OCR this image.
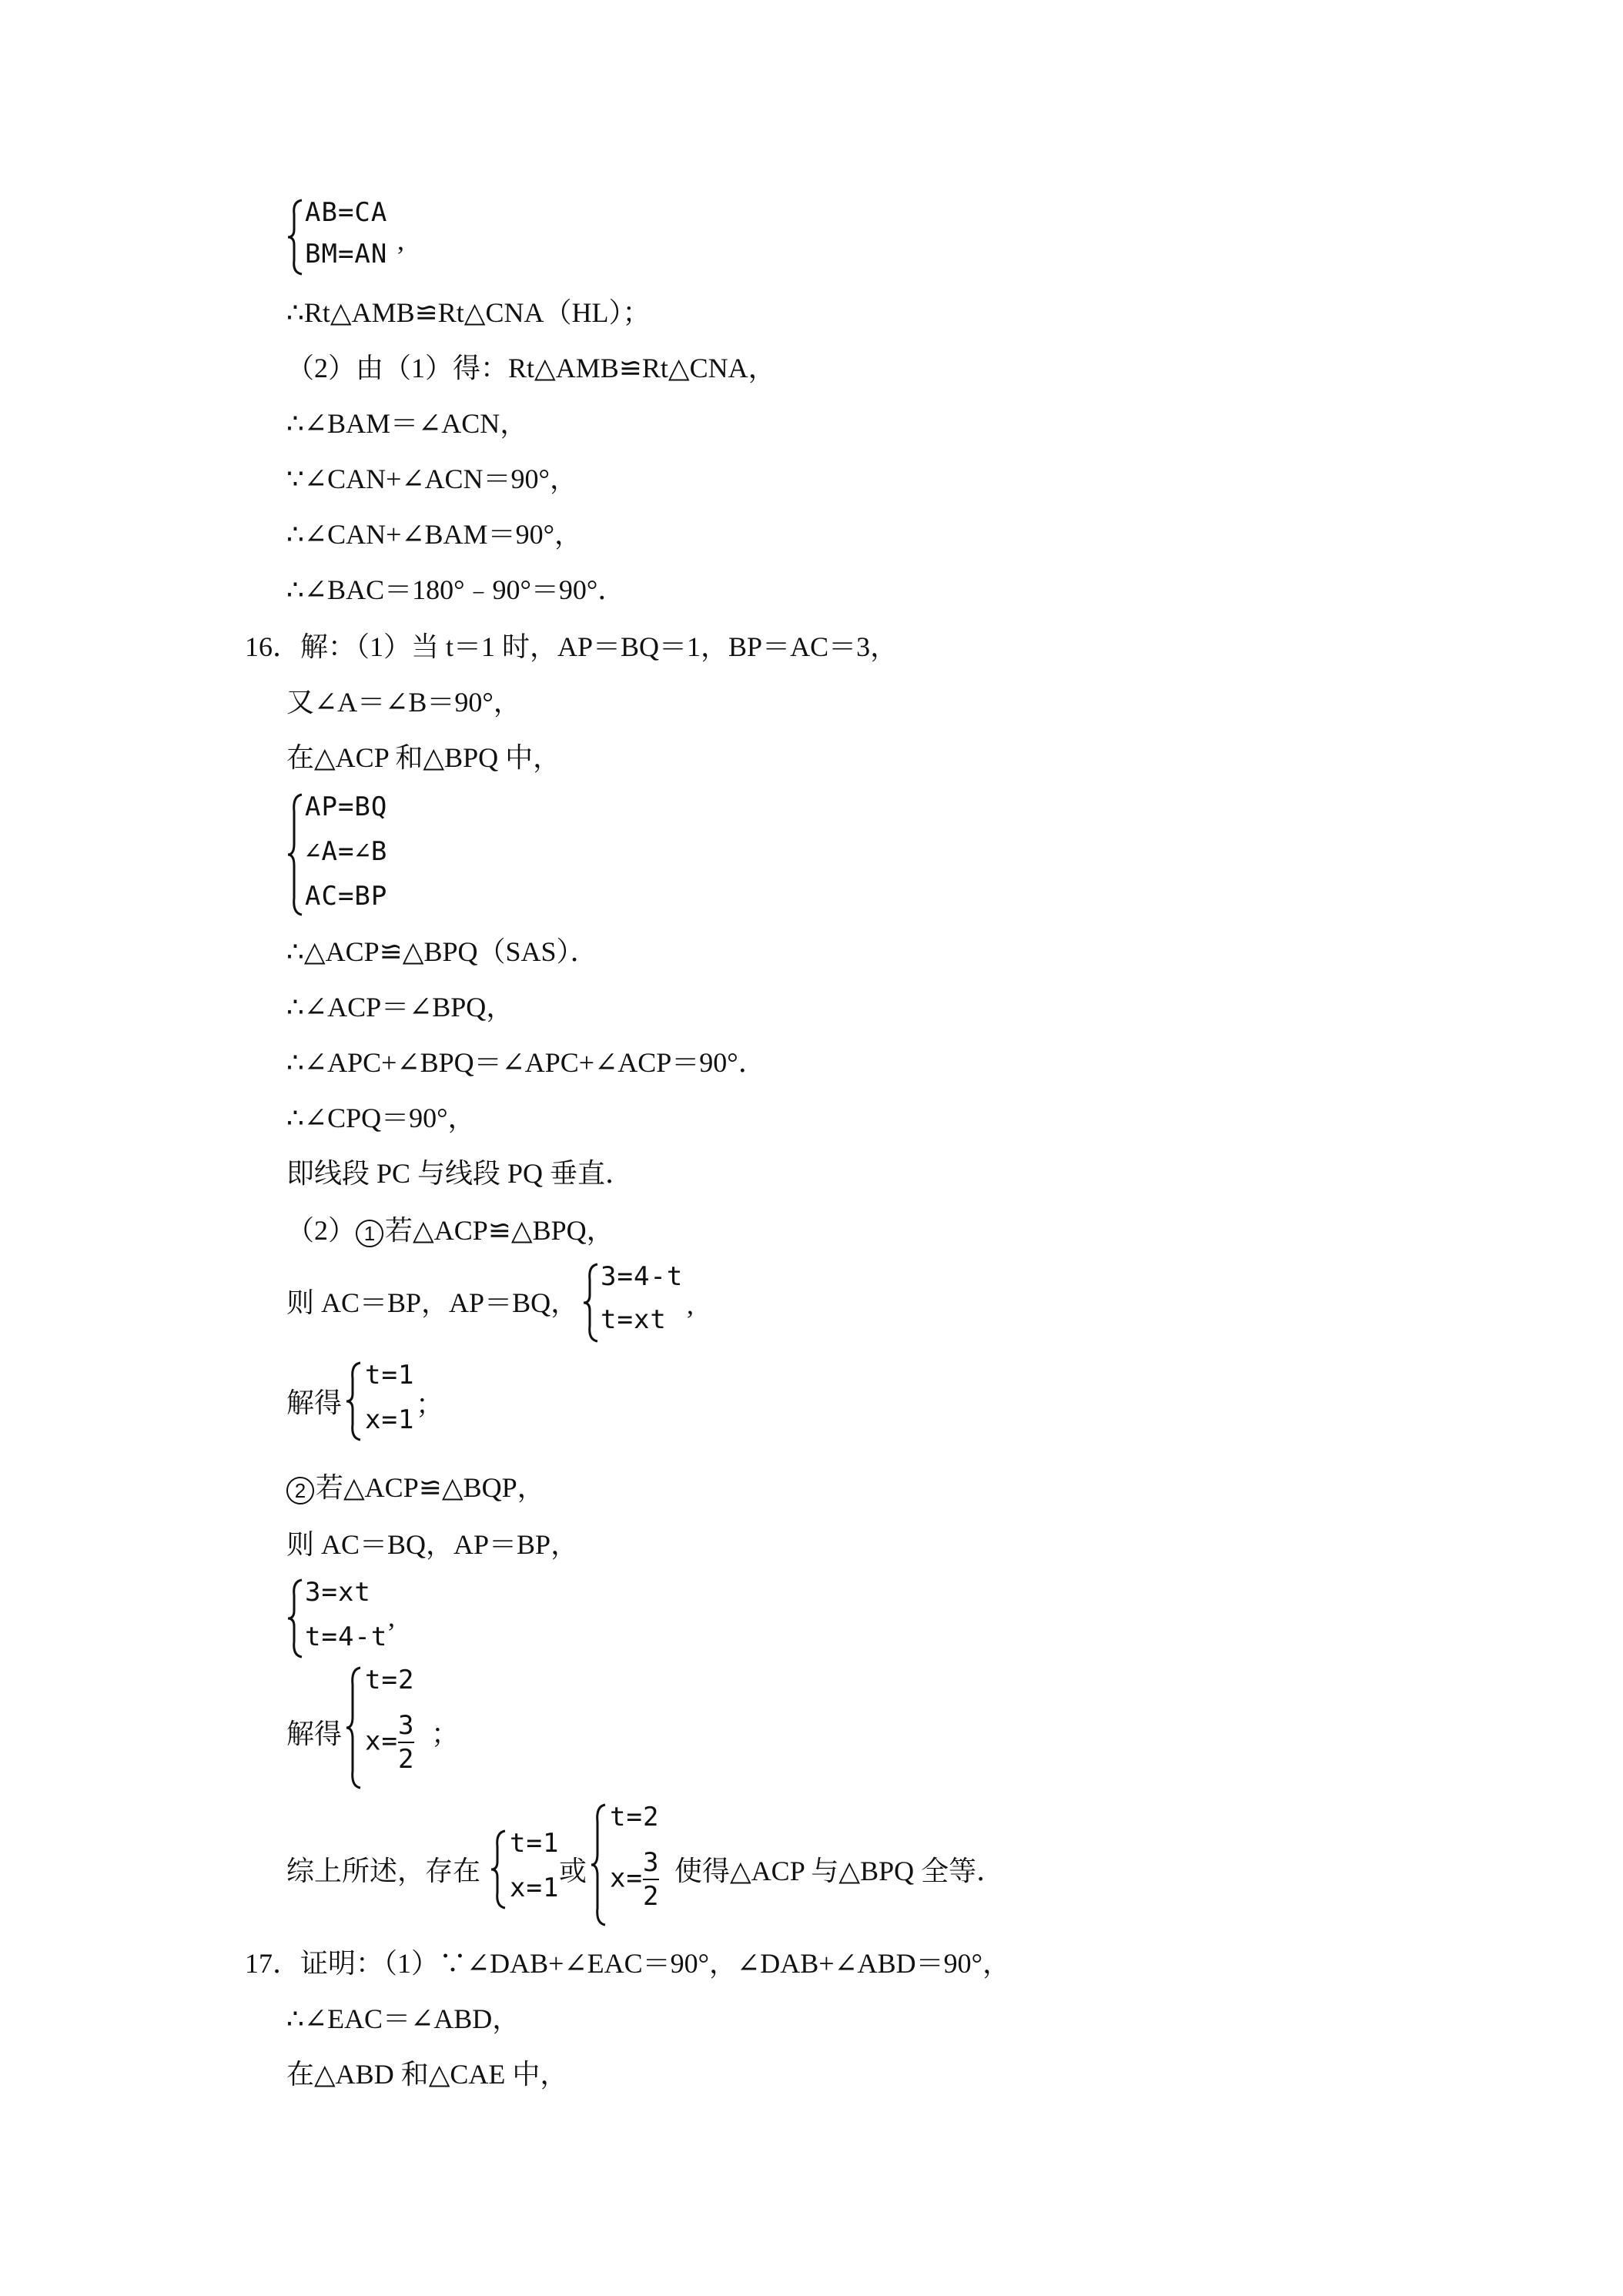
AB=CA
BM=AN ,
∴Rt△AMB≌Rt△CNA（HL）；
（2）由（1）得：Rt△AMB≌Rt△CNA，
∴∠BAM＝∠ACN，
∵∠CAN+∠ACN＝90°，
∴∠CAN+∠BAM＝90°，
∴∠BAC＝180°﹣90°＝90°．
16．解：（1）当 t＝1 时，AP＝BQ＝1，BP＝AC＝3，
又∠A＝∠B＝90°，
在△ACP 和△BPQ 中，
AP=BQ
∠A=∠B
AC=BP
∴△ACP≌△BPQ（SAS）．
∴∠ACP＝∠BPQ，
∴∠APC+∠BPQ＝∠APC+∠ACP＝90°．
∴∠CPQ＝90°，
即线段 PC 与线段 PQ 垂直．
（2） 1 若△ACP≌△BPQ，
则 AC＝BP，AP＝BQ，
3=4-t
t=xt ,
解得
t=1
x=1 ；
2 若△ACP≌△BQP，
则 AC＝BQ，AP＝BP，
3=xt
t=4-t
,
解得
t=2
$x= \frac{3}{2}$ ；
综上所述，存在
t=1
x=1
或
t=2
$x= \frac{3}{2}$ 使得△ACP 与△BPQ 全等．
17．证明：（1）∵∠DAB+∠EAC＝90°，∠DAB+∠ABD＝90°，
∴∠EAC＝∠ABD，
在△ABD 和△CAE 中，
